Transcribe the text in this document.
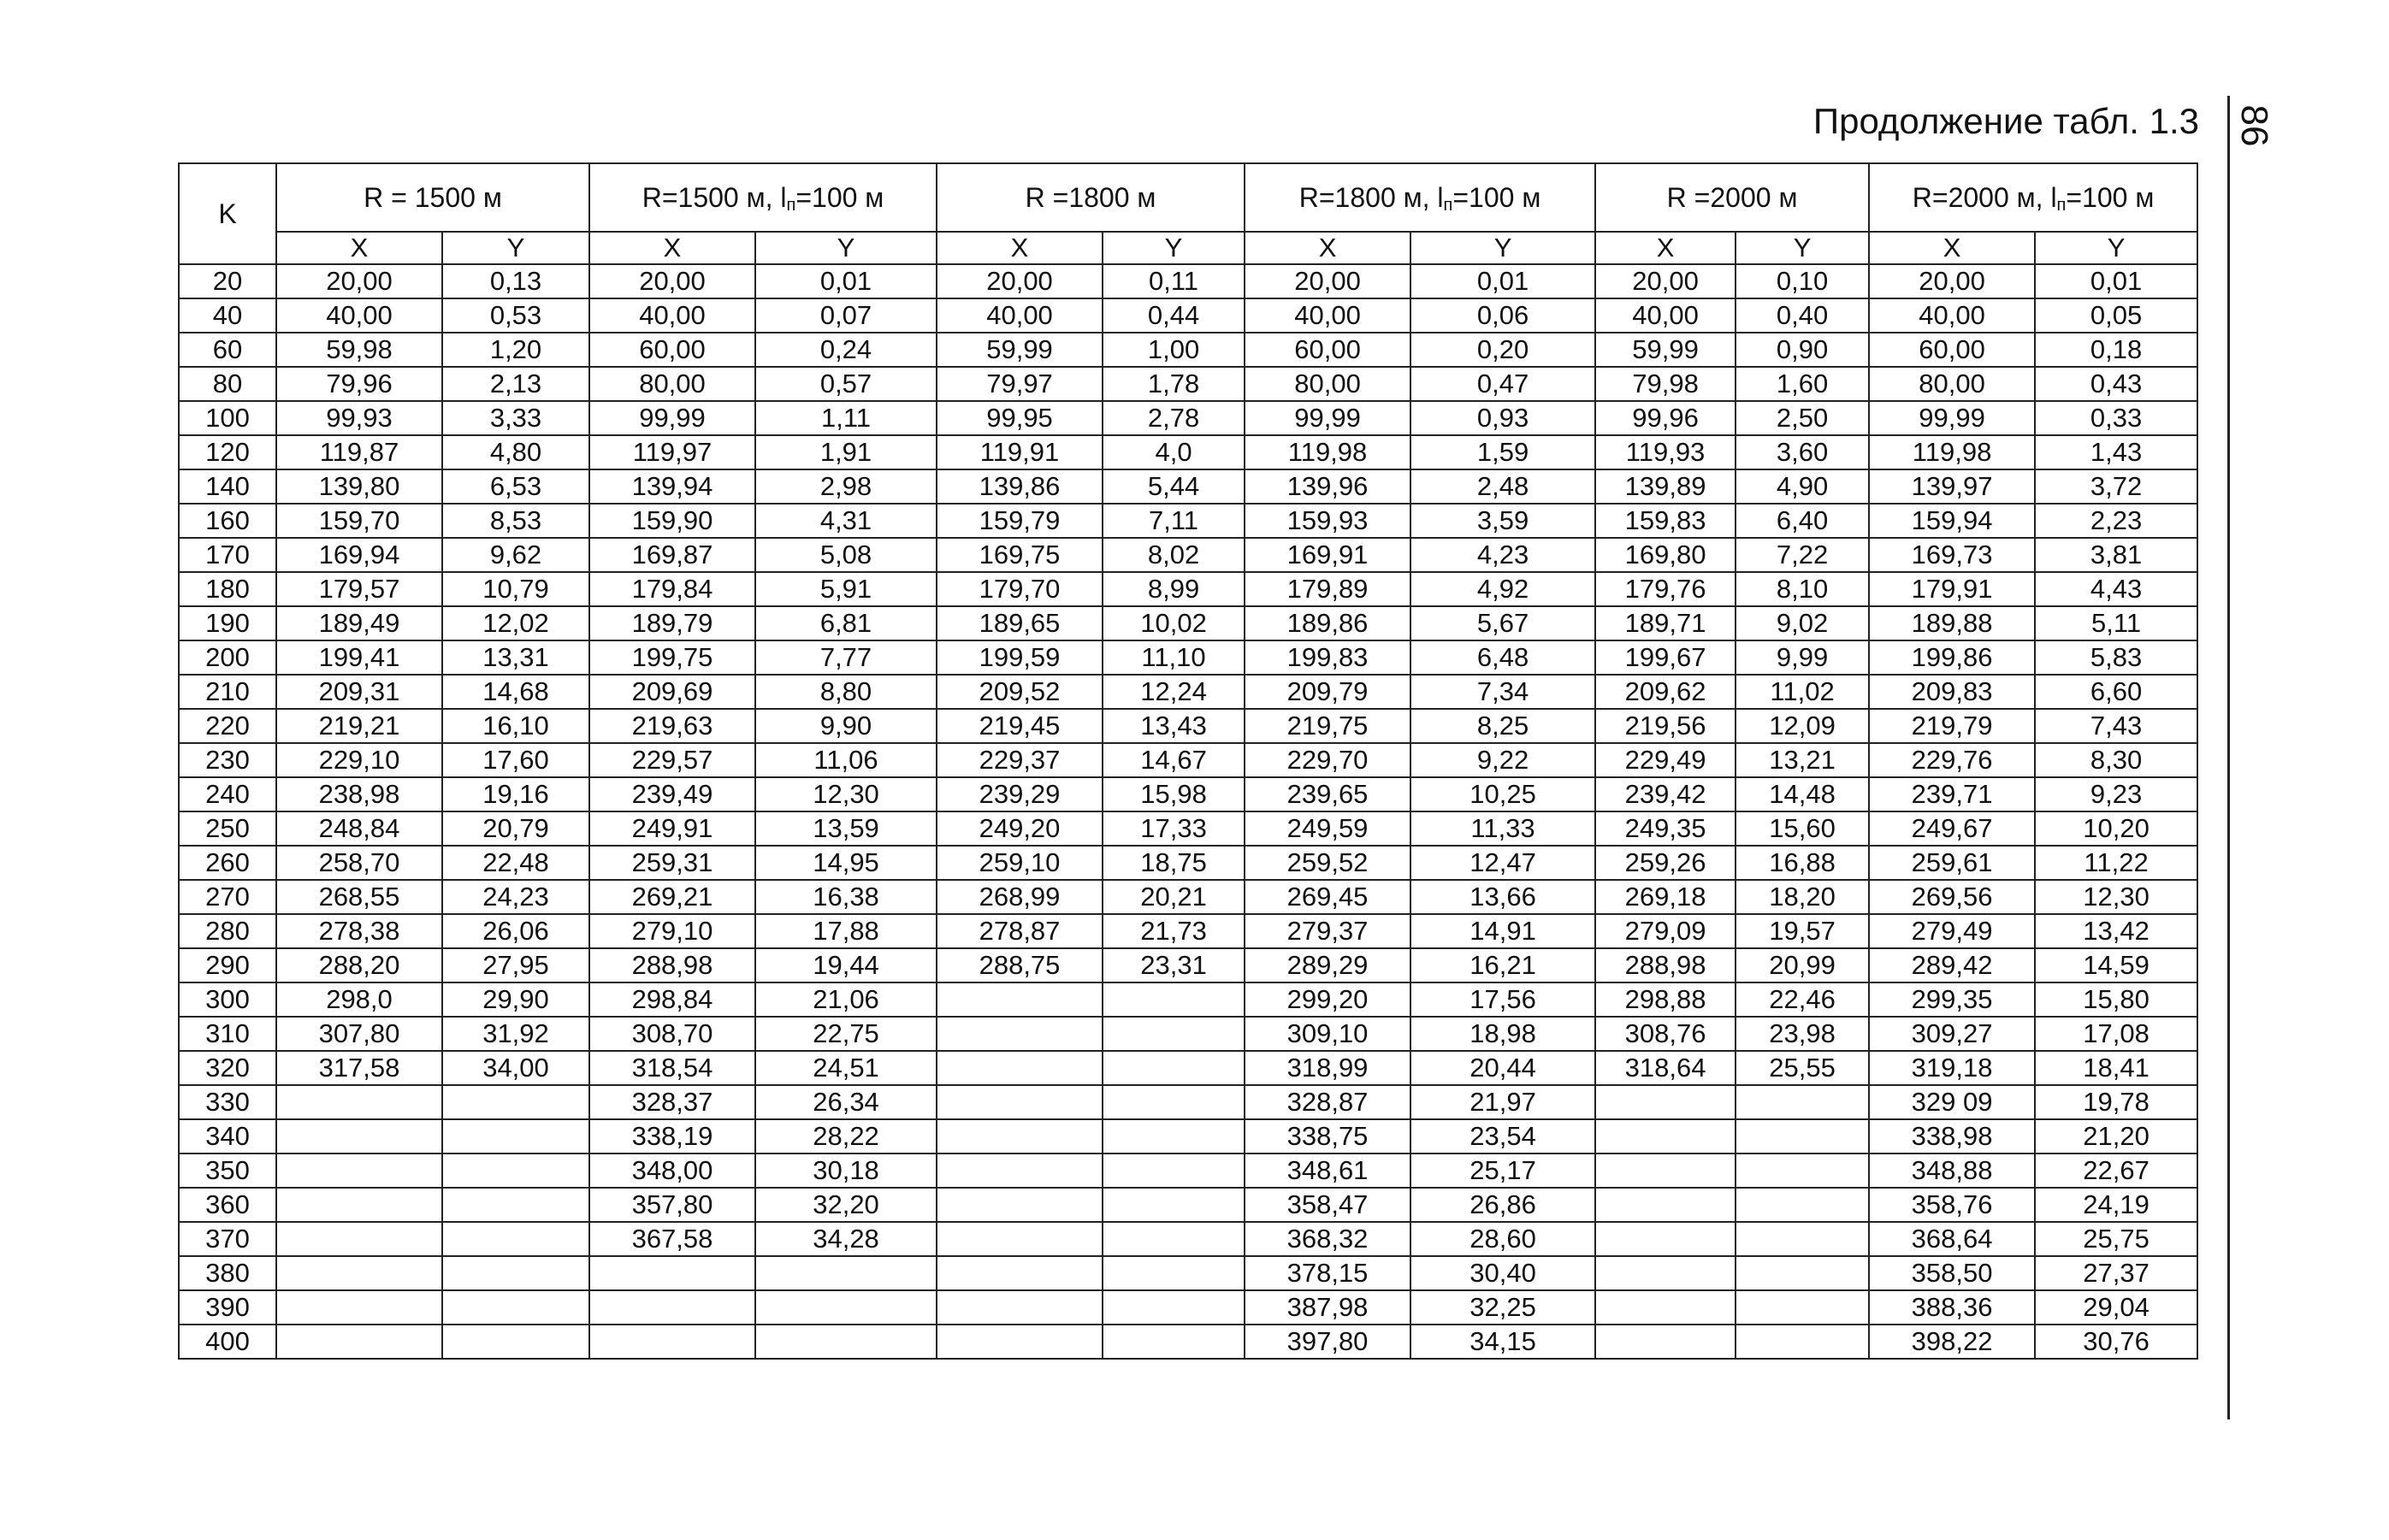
86
Продолжение табл. 1.3
K	R = 1500 м		R=1500 м, $l_п=100$ м		R =1800 м		R=1800 м, $l_п=100$ м		R =2000 м		R=2000 м, $l_п=100$ м	
	X	Y	X	Y	X	Y	X	Y	X	Y	X	Y
20	20,00	0,13	20,00	0,01	20,00	0,11	20,00	0,01	20,00	0,10	20,00	0,01
40	40,00	0,53	40,00	0,07	40,00	0,44	40,00	0,06	40,00	0,40	40,00	0,05
60	59,98	1,20	60,00	0,24	59,99	1,00	60,00	0,20	59,99	0,90	60,00	0,18
80	79,96	2,13	80,00	0,57	79,97	1,78	80,00	0,47	79,98	1,60	80,00	0,43
100	99,93	3,33	99,99	1,11	99,95	2,78	99,99	0,93	99,96	2,50	99,99	0,33
120	119,87	4,80	119,97	1,91	119,91	4,0	119,98	1,59	119,93	3,60	119,98	1,43
140	139,80	6,53	139,94	2,98	139,86	5,44	139,96	2,48	139,89	4,90	139,97	3,72
160	159,70	8,53	159,90	4,31	159,79	7,11	159,93	3,59	159,83	6,40	159,94	2,23
170	169,94	9,62	169,87	5,08	169,75	8,02	169,91	4,23	169,80	7,22	169,73	3,81
180	179,57	10,79	179,84	5,91	179,70	8,99	179,89	4,92	179,76	8,10	179,91	4,43
190	189,49	12,02	189,79	6,81	189,65	10,02	189,86	5,67	189,71	9,02	189,88	5,11
200	199,41	13,31	199,75	7,77	199,59	11,10	199,83	6,48	199,67	9,99	199,86	5,83
210	209,31	14,68	209,69	8,80	209,52	12,24	209,79	7,34	209,62	11,02	209,83	6,60
220	219,21	16,10	219,63	9,90	219,45	13,43	219,75	8,25	219,56	12,09	219,79	7,43
230	229,10	17,60	229,57	11,06	229,37	14,67	229,70	9,22	229,49	13,21	229,76	8,30
240	238,98	19,16	239,49	12,30	239,29	15,98	239,65	10,25	239,42	14,48	239,71	9,23
250	248,84	20,79	249,91	13,59	249,20	17,33	249,59	11,33	249,35	15,60	249,67	10,20
260	258,70	22,48	259,31	14,95	259,10	18,75	259,52	12,47	259,26	16,88	259,61	11,22
270	268,55	24,23	269,21	16,38	268,99	20,21	269,45	13,66	269,18	18,20	269,56	12,30
280	278,38	26,06	279,10	17,88	278,87	21,73	279,37	14,91	279,09	19,57	279,49	13,42
290	288,20	27,95	288,98	19,44	288,75	23,31	289,29	16,21	288,98	20,99	289,42	14,59
300	298,0	29,90	298,84	21,06			299,20	17,56	298,88	22,46	299,35	15,80
310	307,80	31,92	308,70	22,75			309,10	18,98	308,76	23,98	309,27	17,08
320	317,58	34,00	318,54	24,51			318,99	20,44	318,64	25,55	319,18	18,41
330			328,37	26,34			328,87	21,97			329 09	19,78
340			338,19	28,22			338,75	23,54			338,98	21,20
350			348,00	30,18			348,61	25,17			348,88	22,67
360			357,80	32,20			358,47	26,86			358,76	24,19
370			367,58	34,28			368,32	28,60			368,64	25,75
380							378,15	30,40			358,50	27,37
390							387,98	32,25			388,36	29,04
400							397,80	34,15			398,22	30,76
